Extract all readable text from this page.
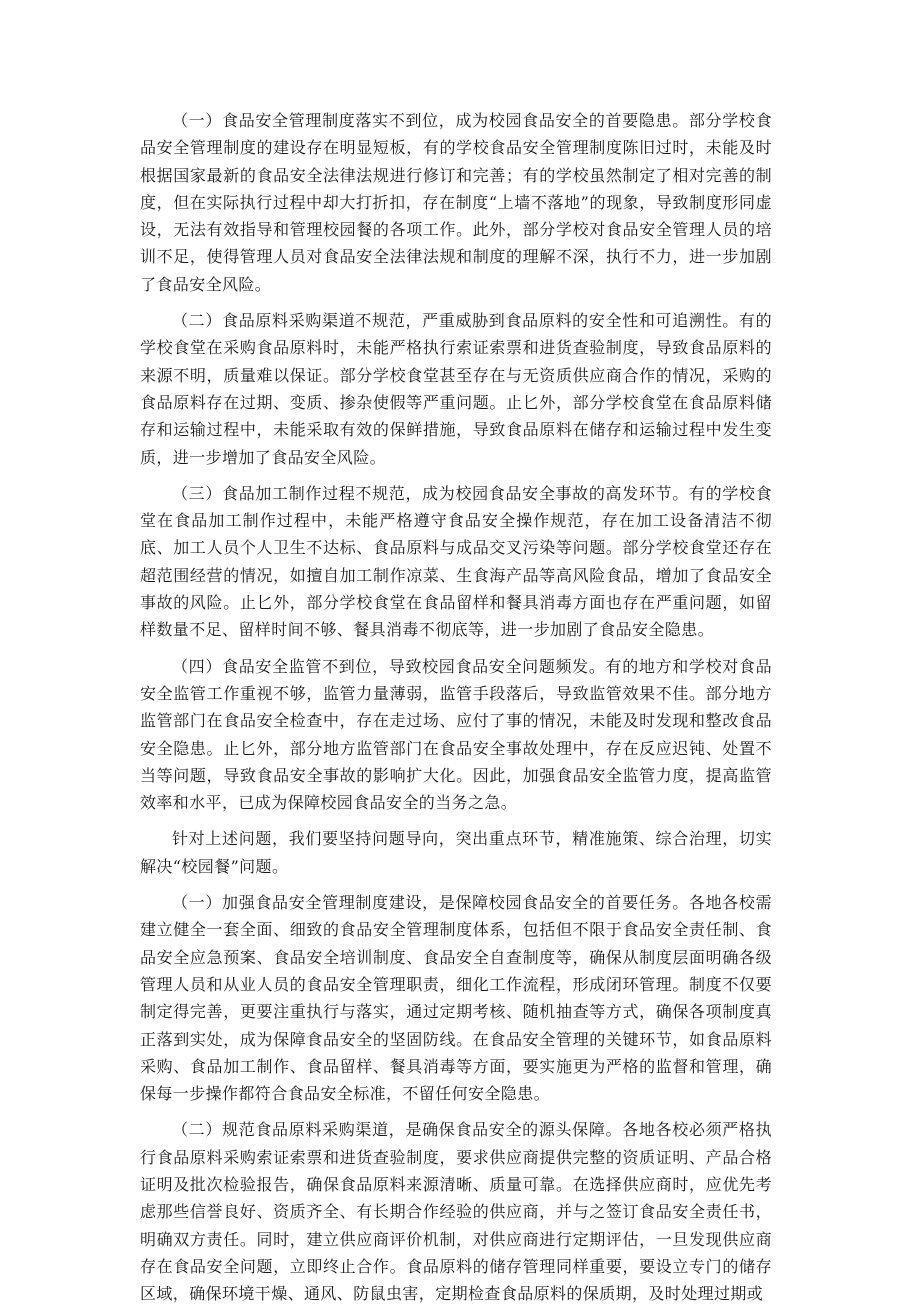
（一）食品安全管理制度落实不到位，成为校园食品安全的首要隐患。部分学校食品安全管理制度的建设存在明显短板，有的学校食品安全管理制度陈旧过时，未能及时根据国家最新的食品安全法律法规进行修订和完善；有的学校虽然制定了相对完善的制度，但在实际执行过程中却大打折扣，存在制度“上墙不落地”的现象，导致制度形同虚设，无法有效指导和管理校园餐的各项工作。此外，部分学校对食品安全管理人员的培训不足，使得管理人员对食品安全法律法规和制度的理解不深，执行不力，进一步加剧了食品安全风险。

（二）食品原料采购渠道不规范，严重威胁到食品原料的安全性和可追溯性。有的学校食堂在采购食品原料时，未能严格执行索证索票和进货查验制度，导致食品原料的来源不明，质量难以保证。部分学校食堂甚至存在与无资质供应商合作的情况，采购的食品原料存在过期、变质、掺杂使假等严重问题。止匕外，部分学校食堂在食品原料储存和运输过程中，未能采取有效的保鲜措施，导致食品原料在储存和运输过程中发生变质，进一步增加了食品安全风险。

（三）食品加工制作过程不规范，成为校园食品安全事故的高发环节。有的学校食堂在食品加工制作过程中，未能严格遵守食品安全操作规范，存在加工设备清洁不彻底、加工人员个人卫生不达标、食品原料与成品交叉污染等问题。部分学校食堂还存在超范围经营的情况，如擅自加工制作凉菜、生食海产品等高风险食品，增加了食品安全事故的风险。止匕外，部分学校食堂在食品留样和餐具消毒方面也存在严重问题，如留样数量不足、留样时间不够、餐具消毒不彻底等，进一步加剧了食品安全隐患。

（四）食品安全监管不到位，导致校园食品安全问题频发。有的地方和学校对食品安全监管工作重视不够，监管力量薄弱，监管手段落后，导致监管效果不佳。部分地方监管部门在食品安全检查中，存在走过场、应付了事的情况，未能及时发现和整改食品安全隐患。止匕外，部分地方监管部门在食品安全事故处理中，存在反应迟钝、处置不当等问题，导致食品安全事故的影响扩大化。因此，加强食品安全监管力度，提高监管效率和水平，已成为保障校园食品安全的当务之急。

针对上述问题，我们要坚持问题导向，突出重点环节，精准施策、综合治理，切实解决“校园餐”问题。

（一）加强食品安全管理制度建设，是保障校园食品安全的首要任务。各地各校需建立健全一套全面、细致的食品安全管理制度体系，包括但不限于食品安全责任制、食品安全应急预案、食品安全培训制度、食品安全自查制度等，确保从制度层面明确各级管理人员和从业人员的食品安全管理职责，细化工作流程，形成闭环管理。制度不仅要制定得完善，更要注重执行与落实，通过定期考核、随机抽查等方式，确保各项制度真正落到实处，成为保障食品安全的坚固防线。在食品安全管理的关键环节，如食品原料采购、食品加工制作、食品留样、餐具消毒等方面，要实施更为严格的监督和管理，确保每一步操作都符合食品安全标准，不留任何安全隐患。

（二）规范食品原料采购渠道，是确保食品安全的源头保障。各地各校必须严格执行食品原料采购索证索票和进货查验制度，要求供应商提供完整的资质证明、产品合格证明及批次检验报告，确保食品原料来源清晰、质量可靠。在选择供应商时，应优先考虑那些信誉良好、资质齐全、有长期合作经验的供应商，并与之签订食品安全责任书，明确双方责任。同时，建立供应商评价机制，对供应商进行定期评估，一旦发现供应商存在食品安全问题，立即终止合作。食品原料的储存管理同样重要，要设立专门的储存区域，确保环境干燥、通风、防鼠虫害，定期检查食品原料的保质期，及时处理过期或
